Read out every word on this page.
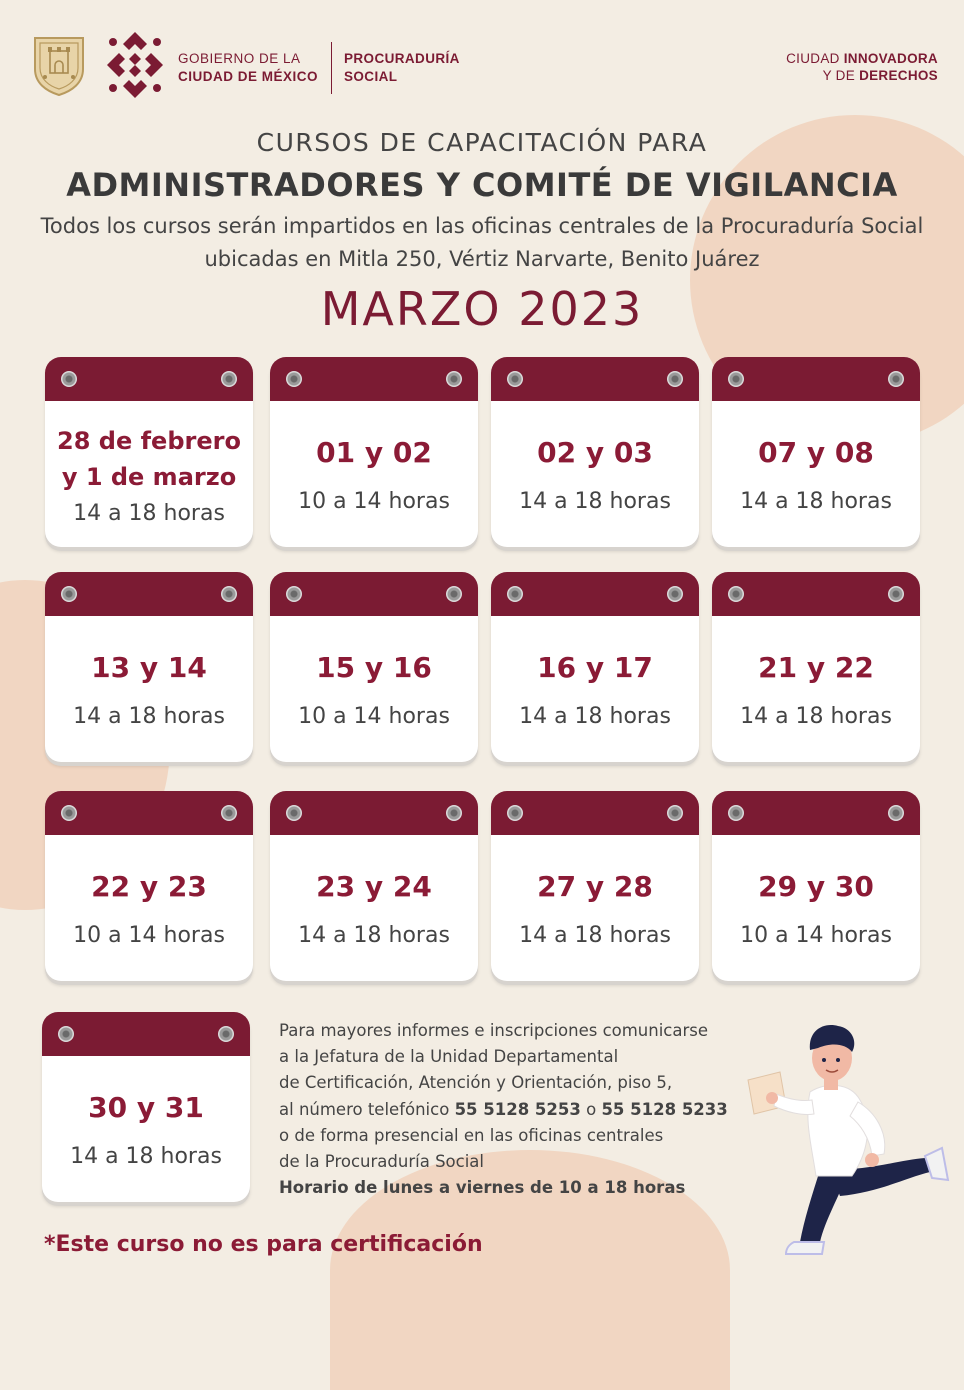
GOBIERNO DE LA
CIUDAD DE MÉXICO
PROCURADURÍA
SOCIAL
CIUDAD INNOVADORA
Y DE DERECHOS
CURSOS DE CAPACITACIÓN PARA
ADMINISTRADORES Y COMITÉ DE VIGILANCIA
Todos los cursos serán impartidos en las oficinas centrales de la Procuraduría Social
ubicadas en Mitla 250, Vértiz Narvarte, Benito Juárez
MARZO 2023
28 de febrero
y 1 de marzo
14 a 18 horas
01 y 02
10 a 14 horas
02 y 03
14 a 18 horas
07 y 08
14 a 18 horas
13 y 14
14 a 18 horas
15 y 16
10 a 14 horas
16 y 17
14 a 18 horas
21 y 22
14 a 18 horas
22 y 23
10 a 14 horas
23 y 24
14 a 18 horas
27 y 28
14 a 18 horas
29 y 30
10 a 14 horas
30 y 31
14 a 18 horas
Para mayores informes e inscripciones comunicarse
a la Jefatura de la Unidad Departamental
de Certificación, Atención y Orientación, piso 5,
al número telefónico 55 5128 5253 o 55 5128 5233
o de forma presencial en las oficinas centrales
de la Procuraduría Social
Horario de lunes a viernes de 10 a 18 horas
*Este curso no es para certificación
